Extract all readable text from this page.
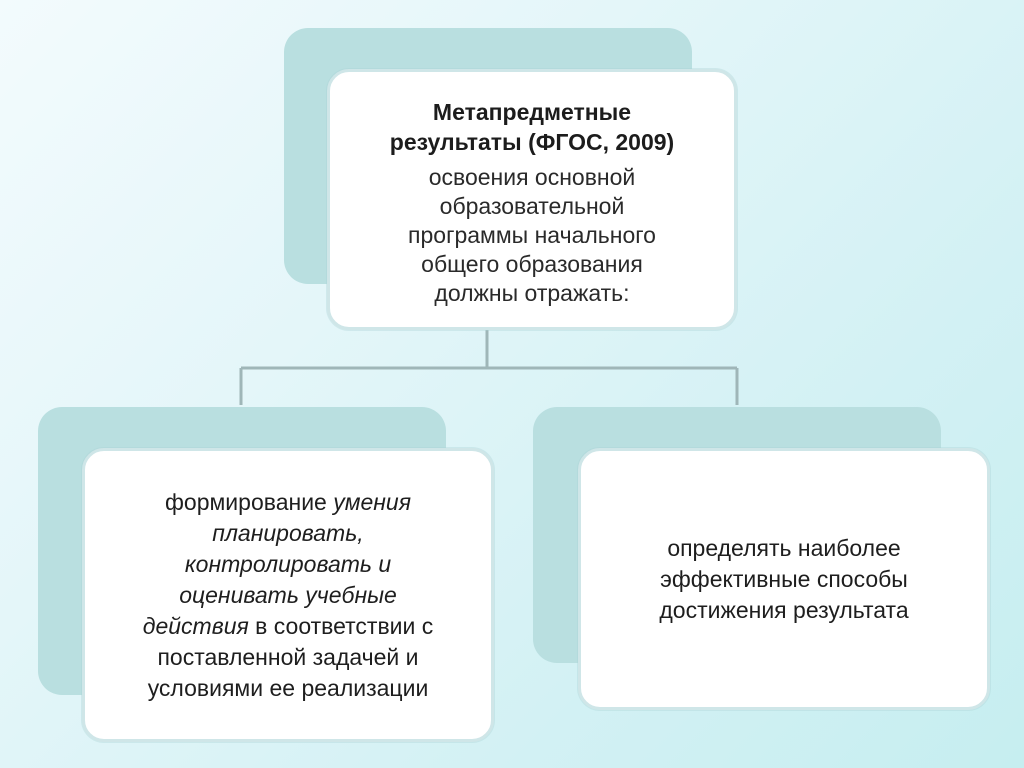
Метапредметные
результаты (ФГОС, 2009)
освоения основной
образовательной
программы начального
общего образования
должны отражать:
формирование умения
планировать,
контролировать и
оценивать учебные
действия в соответствии с
поставленной задачей и
условиями ее реализации
определять наиболее
эффективные способы
достижения результата
